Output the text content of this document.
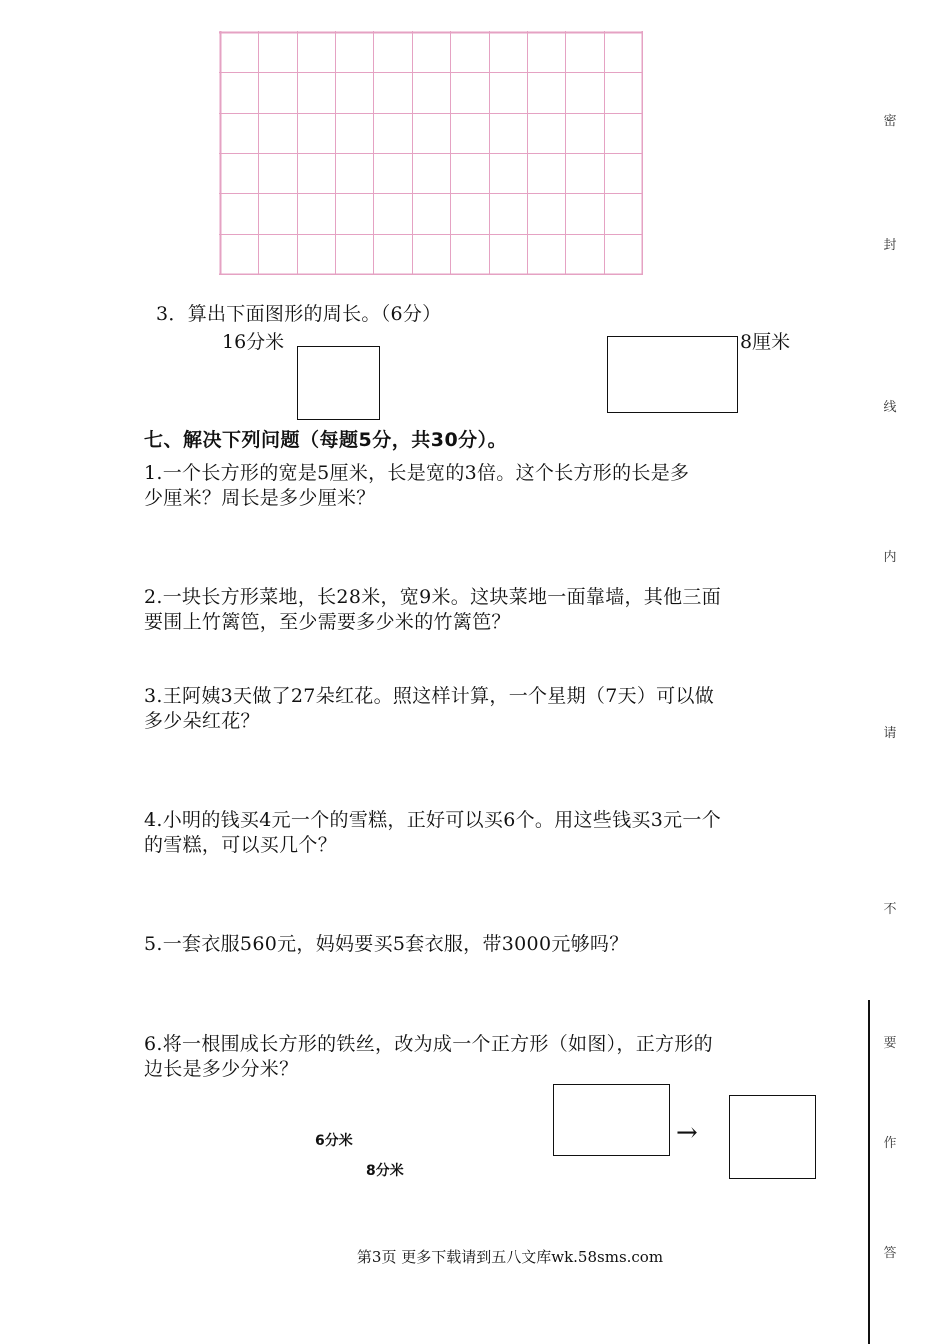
3．算出下面图形的周长。（6分）
16分米	8厘米
七、解决下列问题（每题5分，共30分）。
1.一个长方形的宽是5厘米，长是宽的3倍。这个长方形的长是多
少厘米？周长是多少厘米？
2.一块长方形菜地，长28米，宽9米。这块菜地一面靠墙，其他三面
要围上竹篱笆，至少需要多少米的竹篱笆？
3.王阿姨3天做了27朵红花。照这样计算，一个星期（7天）可以做
多少朵红花？
4.小明的钱买4元一个的雪糕，正好可以买6个。用这些钱买3元一个
的雪糕，可以买几个？
5.一套衣服560元，妈妈要买5套衣服，带3000元够吗？
6.将一根围成长方形的铁丝，改为成一个正方形（如图），正方形的
边长是多少分米？
6分米
8分米
→
密
封
线
内
请
不
要
作
答
第3页 更多下载请到五八文库wk.58sms.com
